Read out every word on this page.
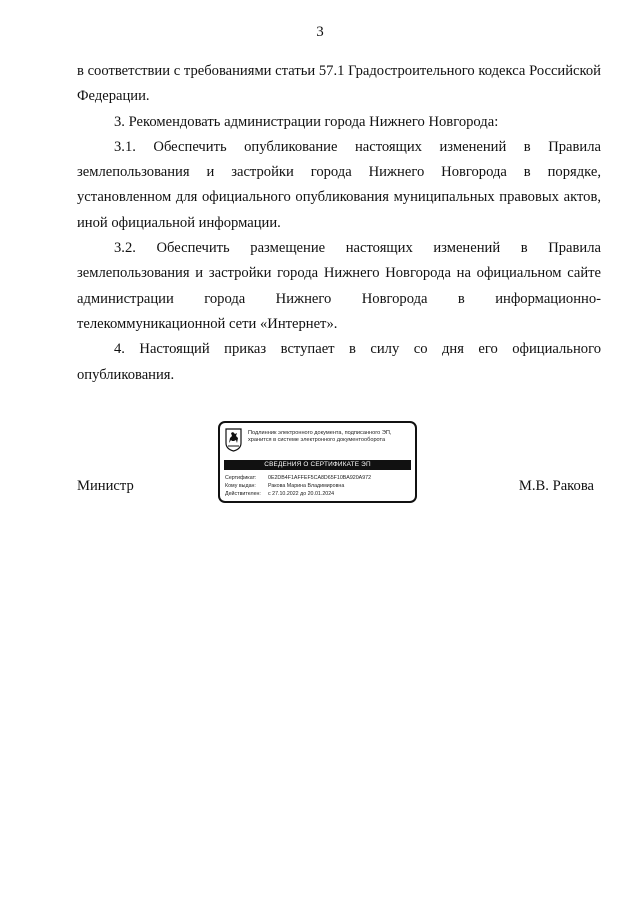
3

в соответствии с требованиями статьи 57.1 Градостроительного кодекса Российской Федерации.

3. Рекомендовать администрации города Нижнего Новгорода:

3.1. Обеспечить опубликование настоящих изменений в Правила землепользования и застройки города Нижнего Новгорода в порядке, установленном для официального опубликования муниципальных правовых актов, иной официальной информации.

3.2. Обеспечить размещение настоящих изменений в Правила землепользования и застройки города Нижнего Новгорода на официальном сайте администрации города Нижнего Новгорода в информационно-телекоммуникационной сети «Интернет».

4. Настоящий приказ вступает в силу со дня его официального опубликования.

Подлинник электронного документа, подписанного ЭП, хранится в системе электронного документооборота
СВЕДЕНИЯ О СЕРТИФИКАТЕ ЭП
Сертификат: 0E2DB4F1AFFEF5CA8D65F10BA920A972
Кому выдан: Ракова Марина Владимировна
Действителен: с 27.10.2022 до 20.01.2024
Министр	М.В. Ракова
